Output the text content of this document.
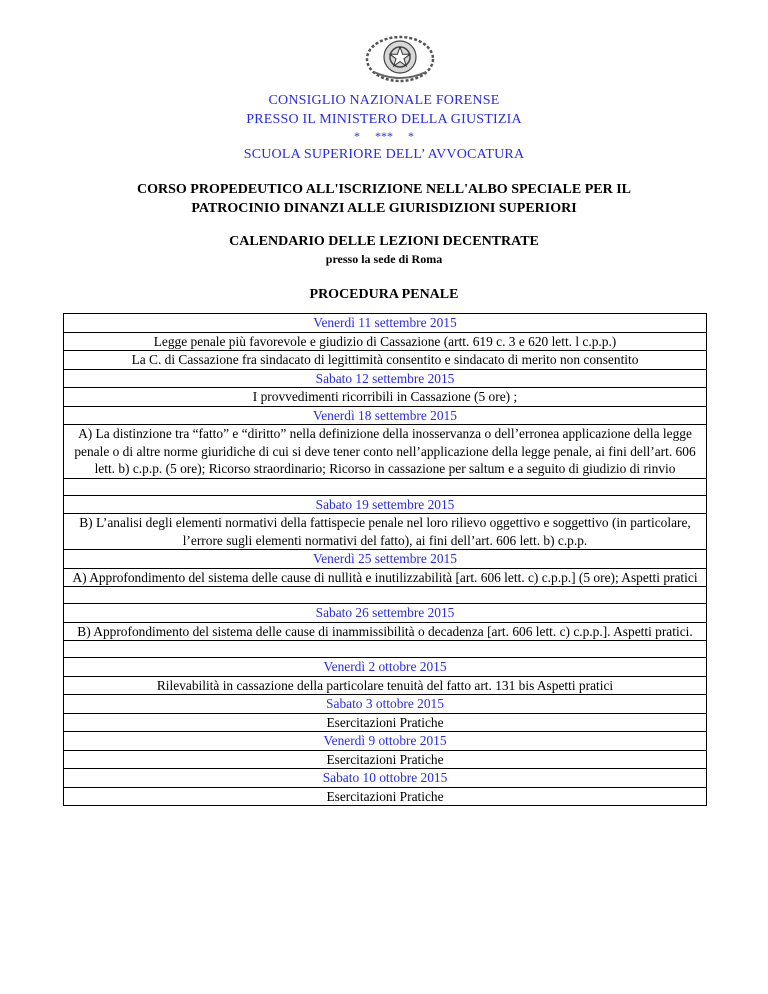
CONSIGLIO NAZIONALE FORENSE
PRESSO IL MINISTERO DELLA GIUSTIZIA
*     ***     *
SCUOLA SUPERIORE DELL’ AVVOCATURA
CORSO PROPEDEUTICO ALL'ISCRIZIONE NELL'ALBO SPECIALE PER IL
PATROCINIO DINANZI ALLE GIURISDIZIONI SUPERIORI
CALENDARIO DELLE LEZIONI DECENTRATE
presso la sede di Roma
PROCEDURA PENALE
Venerdì 11 settembre 2015
Legge penale più favorevole e giudizio di Cassazione (artt. 619 c. 3 e 620 lett. l c.p.p.)
La C. di Cassazione fra sindacato di legittimità consentito e sindacato di merito non consentito
Sabato 12 settembre 2015
I provvedimenti ricorribili in Cassazione (5 ore) ;
Venerdì 18 settembre 2015
A) La distinzione tra “fatto” e “diritto” nella definizione della inosservanza o dell’erronea applicazione della legge penale o di altre norme giuridiche di cui si deve tener conto nell’applicazione della legge penale, ai fini dell’art. 606 lett. b) c.p.p. (5 ore); Ricorso straordinario; Ricorso in cassazione per saltum e a seguito di giudizio di rinvio
Sabato 19 settembre 2015
B) L’analisi degli elementi normativi della fattispecie penale nel loro rilievo oggettivo e soggettivo (in particolare, l’errore sugli elementi normativi del fatto), ai fini dell’art. 606 lett. b) c.p.p.
Venerdì 25 settembre 2015
A) Approfondimento del sistema delle cause di nullità e inutilizzabilità [art. 606 lett. c) c.p.p.] (5 ore); Aspetti pratici
Sabato 26 settembre 2015
B) Approfondimento del sistema delle cause di inammissibilità o decadenza [art. 606 lett. c) c.p.p.]. Aspetti pratici.
Venerdì 2 ottobre 2015
Rilevabilità in cassazione della particolare tenuità del fatto art. 131 bis Aspetti pratici
Sabato 3 ottobre 2015
Esercitazioni Pratiche
Venerdì 9 ottobre 2015
Esercitazioni Pratiche
Sabato 10 ottobre 2015
Esercitazioni Pratiche
